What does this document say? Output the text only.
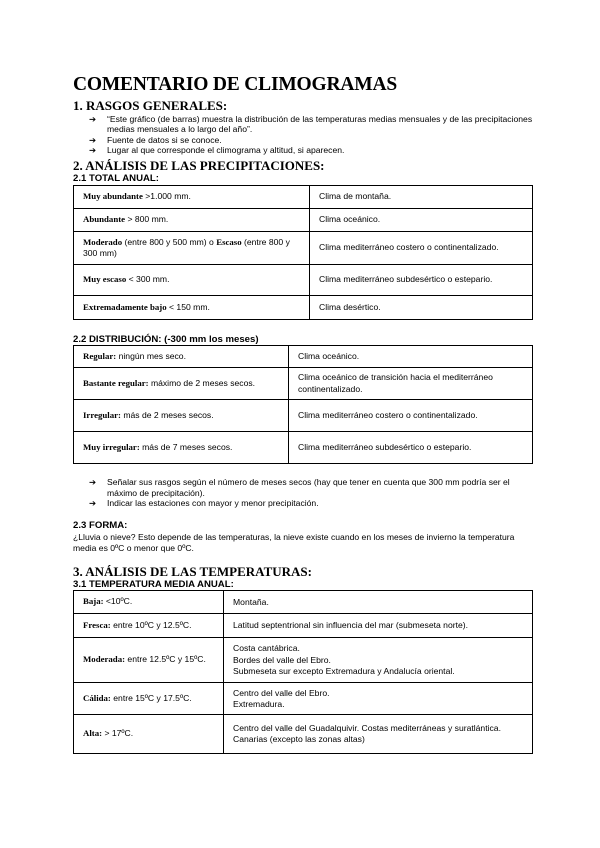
COMENTARIO DE CLIMOGRAMAS
1. RASGOS GENERALES:
➔ “Este gráfico (de barras) muestra la distribución de las temperaturas medias mensuales y de las precipitaciones medias mensuales a lo largo del año”.
➔ Fuente de datos si se conoce.
➔ Lugar al que corresponde el climograma y altitud, si aparecen.
2. ANÁLISIS DE LAS PRECIPITACIONES:
2.1 TOTAL ANUAL:
Muy abundante >1.000 mm.	Clima de montaña.
Abundante > 800 mm.	Clima oceánico.
Moderado (entre 800 y 500 mm) o Escaso (entre 800 y 300 mm)	Clima mediterráneo costero o continentalizado.
Muy escaso < 300 mm.	Clima mediterráneo subdesértico o estepario.
Extremadamente bajo < 150 mm.	Clima desértico.
2.2 DISTRIBUCIÓN: (-300 mm los meses)
Regular: ningún mes seco.	Clima oceánico.
Bastante regular: máximo de 2 meses secos.	Clima oceánico de transición hacia el mediterráneo continentalizado.
Irregular: más de 2 meses secos.	Clima mediterráneo costero o continentalizado.
Muy irregular: más de 7 meses secos.	Clima mediterráneo subdesértico o estepario.
➔ Señalar sus rasgos según el número de meses secos (hay que tener en cuenta que 300 mm podría ser el máximo de precipitación).
➔ Indicar las estaciones con mayor y menor precipitación.
2.3 FORMA:

¿Lluvia o nieve? Esto depende de las temperaturas, la nieve existe cuando en los meses de invierno la temperatura media es 0ºC o menor que 0ºC.

3. ANÁLISIS DE LAS TEMPERATURAS:
3.1 TEMPERATURA MEDIA ANUAL:
Baja: <10ºC.	Montaña.
Fresca: entre 10ºC y 12.5ºC.	Latitud septentrional sin influencia del mar (submeseta norte).
Moderada: entre 12.5ºC y 15ºC.	Costa cantábrica.
Bordes del valle del Ebro.
Submeseta sur excepto Extremadura y Andalucía oriental.
Cálida: entre 15ºC y 17.5ºC.	Centro del valle del Ebro.
Extremadura.
Alta: > 17ºC.	Centro del valle del Guadalquivir. Costas mediterráneas y suratlántica. Canarias (excepto las zonas altas)
